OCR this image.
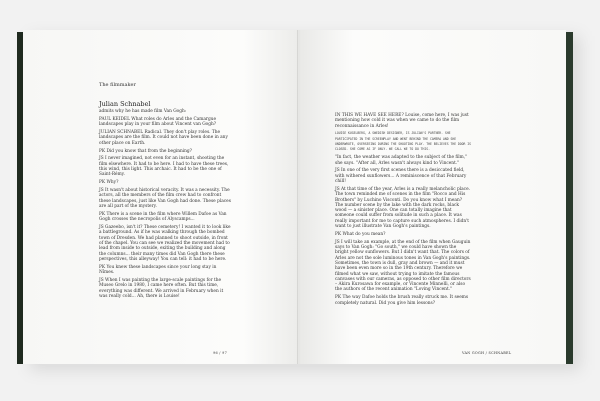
The filmmaker
Julian Schnabel

admits why he has made film Van Gogh:

PAUL KEIDEL What roles do Arles and the Camargue landscapes play in your film about Vincent van Gogh?

JULIAN SCHNABEL Radical. They don't play roles. The landscapes are the film. It could not have been done in any other place on Earth.

PK Did you know that from the beginning?

JS I never imagined, not even for an instant, shooting the film elsewhere. It had to be here. I had to have these trees, this wind, this light. This archaic. It had to be the one of Saint-Rémy.

PK Why?

JS It wasn't about historical veracity. It was a necessity. The actors, all the members of the film crew had to confront these landscapes, just like Van Gogh had done. These places are all part of the mystery.

PK There is a scene in the film where Willem Dafoe as Van Gogh crosses the necropolis of Alyscamps...

JS Gazeebo, isn't it? These cemetery! I wanted it to look like a battleground. As if he was walking through the bombed town of Dresden. We had planned to shoot outside, in front of the chapel. You can see we realized the movement had to lead from inside to outside, exiting the building and along the columns... their many times did Van Gogh there these perspectives, this alleyway! You can tell: it had to be here.

PK You knew these landscapes since your long stay in Nîmes.

JS When I was painting the large-scale paintings for the Museo Grelo in 1980, I came here often. But this time, everything was different. We arrived in February when it was really cold... Ah, there is Louise!

96 / 97

IN THIS WE HAVE SEE HERE? Louise, come here, I was just mentioning how cold it was when we came to do the film reconnaissance in Arles!

LOUISE KUGELBERG, A SWEDISH DESIGNER, IS JULIAN'S PARTNER. SHE PARTICIPATED IN THE SCREENPLAY AND WENT BEHIND THE CAMERA AND SHE UNDERWROTE, OVERSEEING DURING THE SHOOTING PLAY. THE BELIEVES THE DOOR IS CLOSED. SHE COME AS IF ONLY. WE CALL WE TO DO THIS.

"In fact, the weather was adapted to the subject of the film," she says. "After all, Arles wasn't always kind to Vincent."

JS In one of the very first scenes there is a desiccated field, with withered sunflowers... A reminiscence of that February chill!

JS At that time of the year, Arles is a really melancholic place. The town reminded me of scenes in the film "Rocco and His Brothers" by Luchino Visconti. Do you know what I mean? The number scene by the lake with the dark rocks, black wood — a sinister place. One can totally imagine that someone could suffer from solitude in such a place. It was really important for me to capture such atmospheres. I didn't want to just illustrate Van Gogh's paintings.

PK What do you mean?

JS I will take an example, at the end of the film when Gauguin says to Van Gogh: "Go south," we could have shown the bright yellow sunflowers. But I didn't want that. The colors of Arles are not the sole luminous tones in Van Gogh's paintings. Sometimes, the town is dull, gray and brown — and it must have been even more so in the 19th century. Therefore we filmed what we saw, without trying to imitate the famous canvases with our cameras, as opposed to other film directors – Akira Kurosawa for example, or Vincente Minnelli, or also the authors of the recent animation "Loving Vincent."

PK The way Dafoe holds the brush really struck me. It seems completely natural. Did you give him lessons?

VAN GOGH / SCHNABEL
